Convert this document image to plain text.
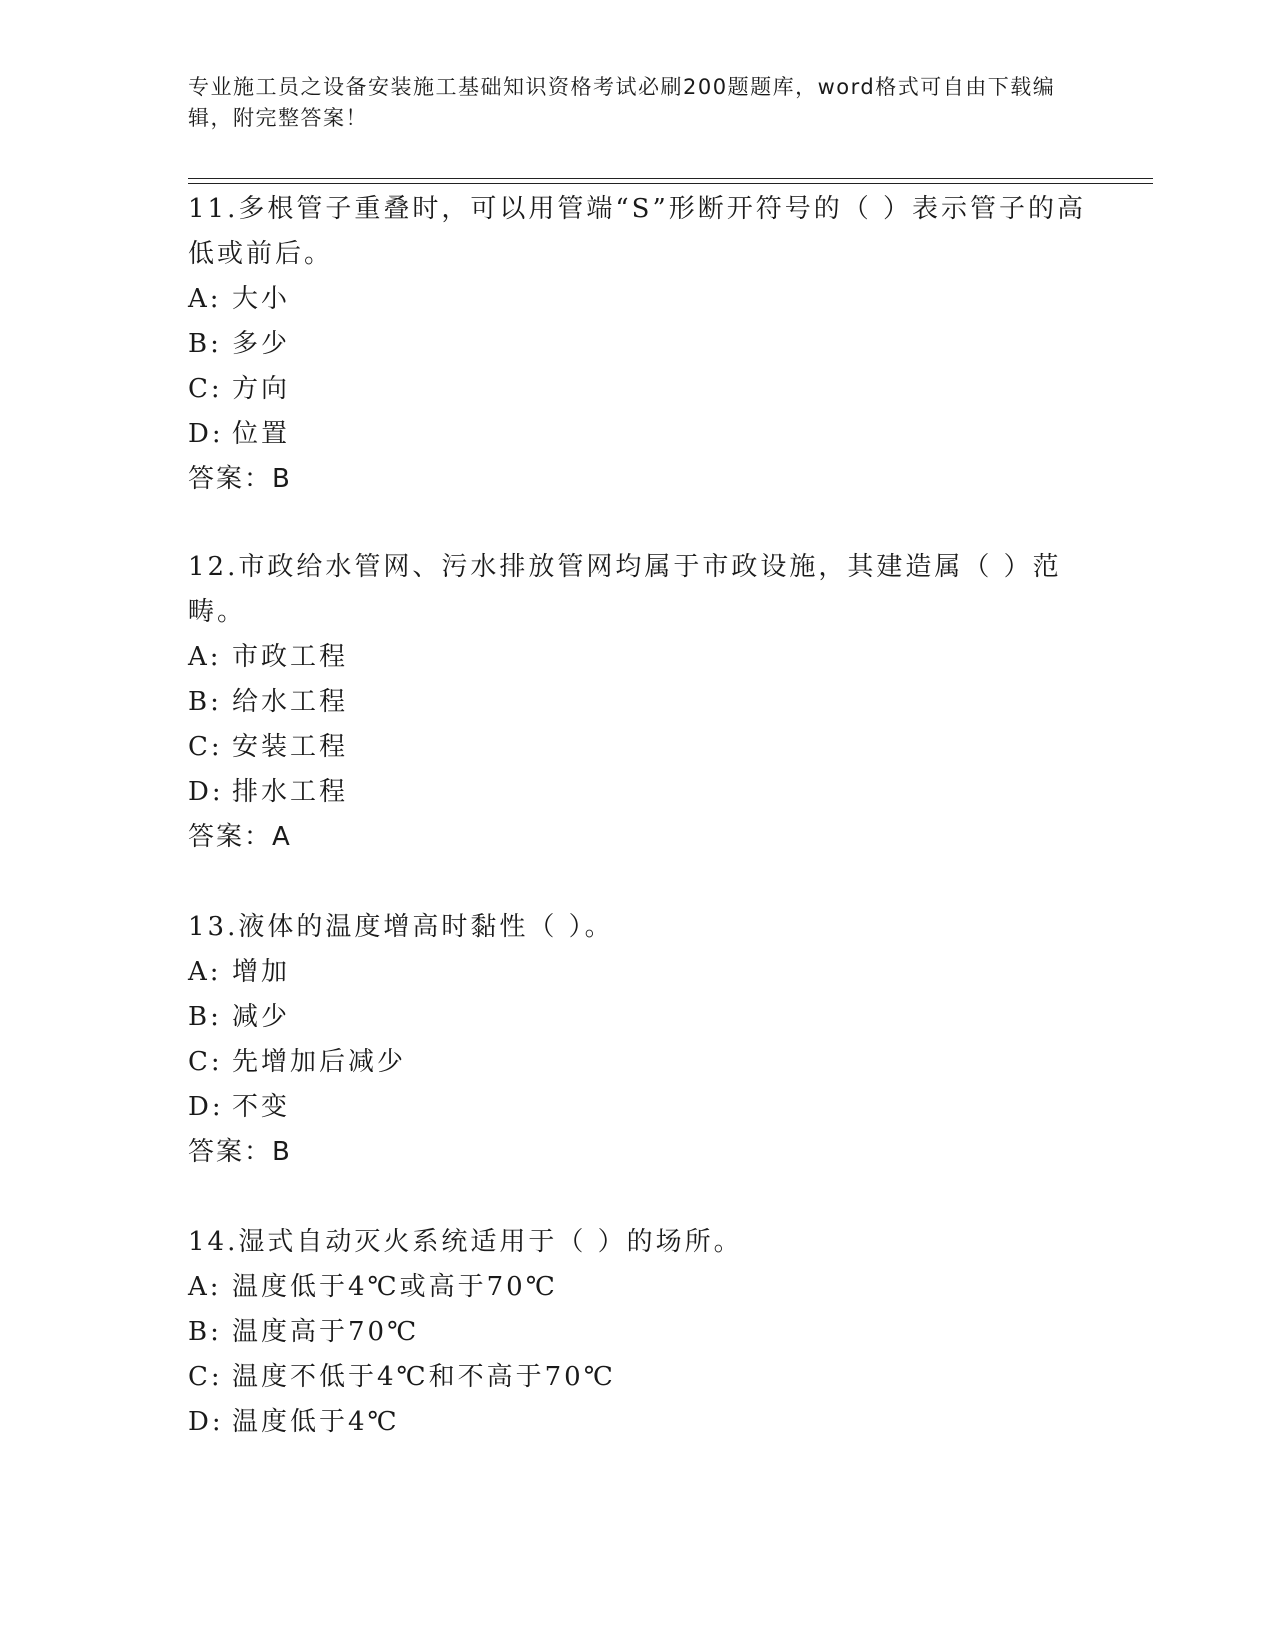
专业施工员之设备安装施工基础知识资格考试必刷200题题库，word格式可自由下载编辑，附完整答案！

11.多根管子重叠时，可以用管端“S”形断开符号的（ ）表示管子的高低或前后。

A: 大小
B: 多少
C: 方向
D: 位置
答案：B

12.市政给水管网、污水排放管网均属于市政设施，其建造属（ ）范畴。

A: 市政工程
B: 给水工程
C: 安装工程
D: 排水工程
答案：A

13.液体的温度增高时黏性（ ）。

A: 增加
B: 减少
C: 先增加后减少
D: 不变
答案：B

14.湿式自动灭火系统适用于（ ）的场所。

A: 温度低于4℃或高于70℃
B: 温度高于70℃
C: 温度不低于4℃和不高于70℃
D: 温度低于4℃
